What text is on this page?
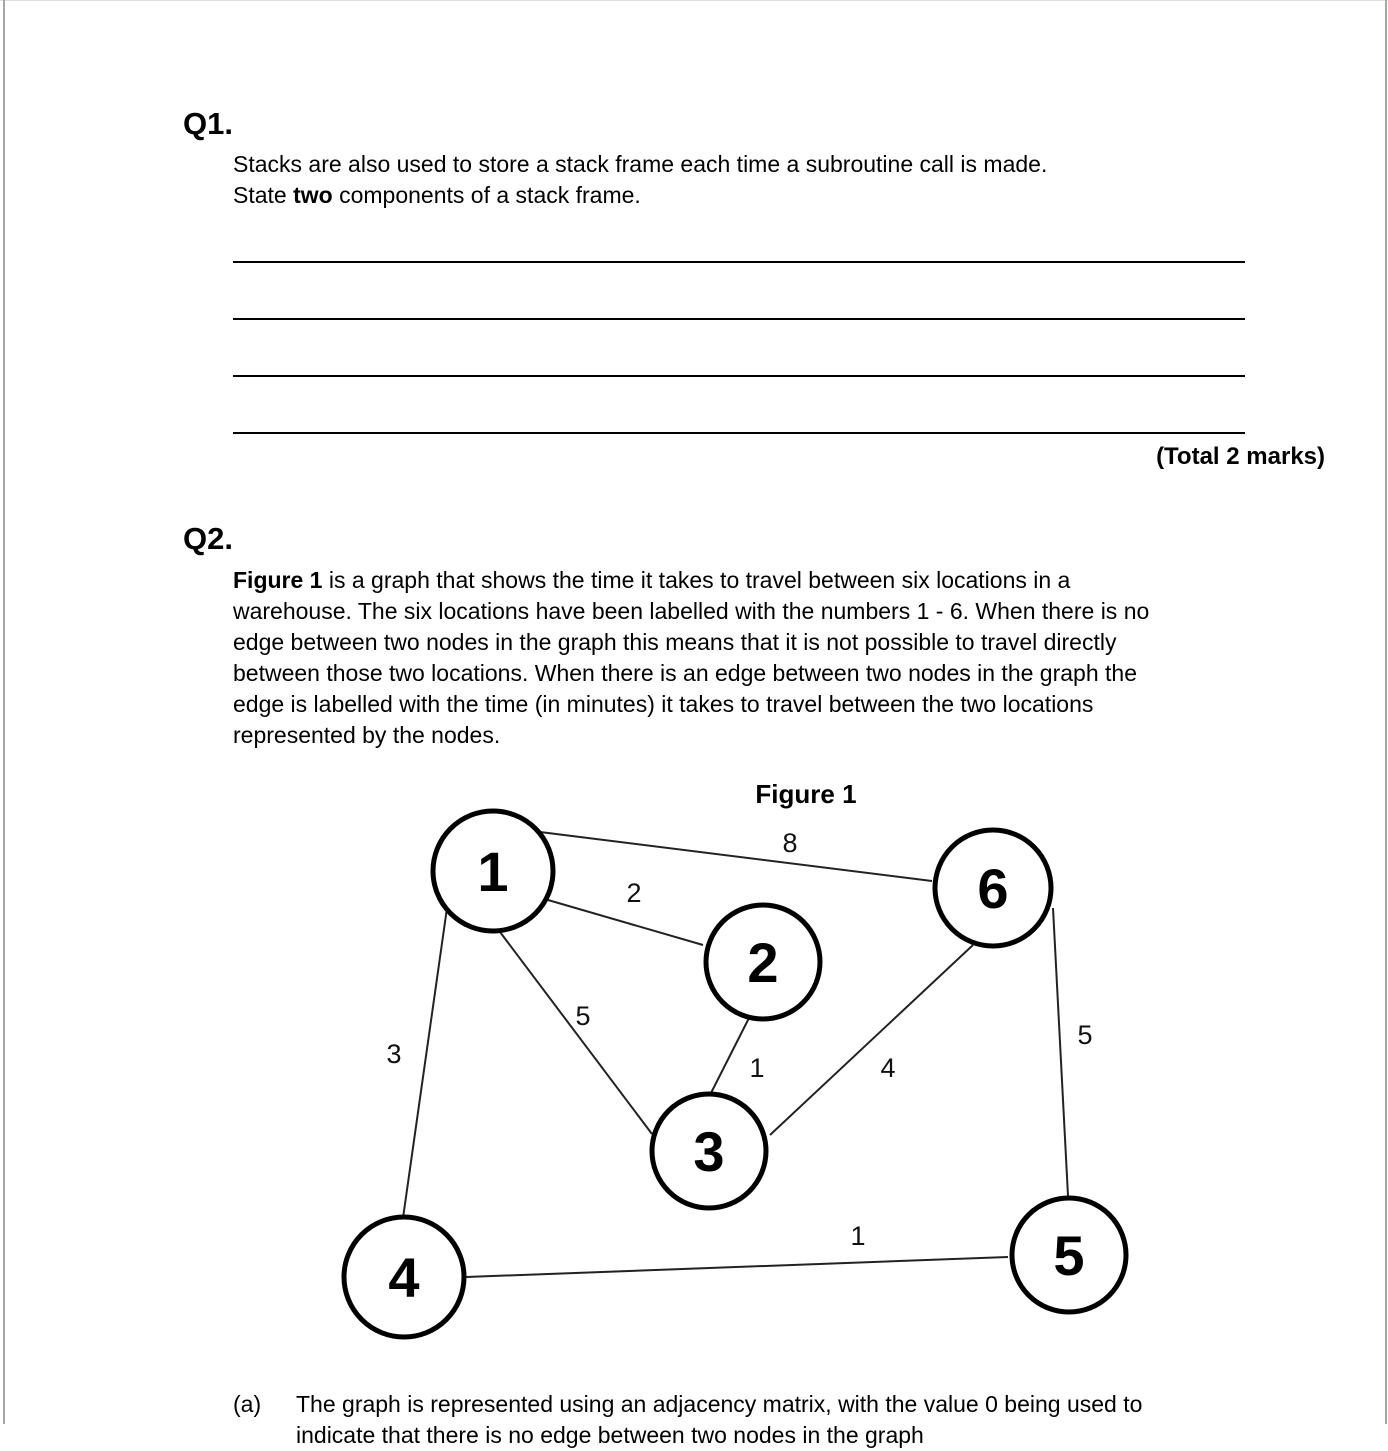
Q1.
Stacks are also used to store a stack frame each time a subroutine call is made.
State two components of a stack frame.
(Total 2 marks)
Q2.
Figure 1 is a graph that shows the time it takes to travel between six locations in a
warehouse. The six locations have been labelled with the numbers 1 - 6. When there is no
edge between two nodes in the graph this means that it is not possible to travel directly
between those two locations. When there is an edge between two nodes in the graph the
edge is labelled with the time (in minutes) it takes to travel between the two locations
represented by the nodes.
Figure 1
8
2
3
5
1	4
5
1
1
2
3
4	5
6
(a) The graph is represented using an adjacency matrix, with the value 0 being used to
indicate that there is no edge between two nodes in the graph
